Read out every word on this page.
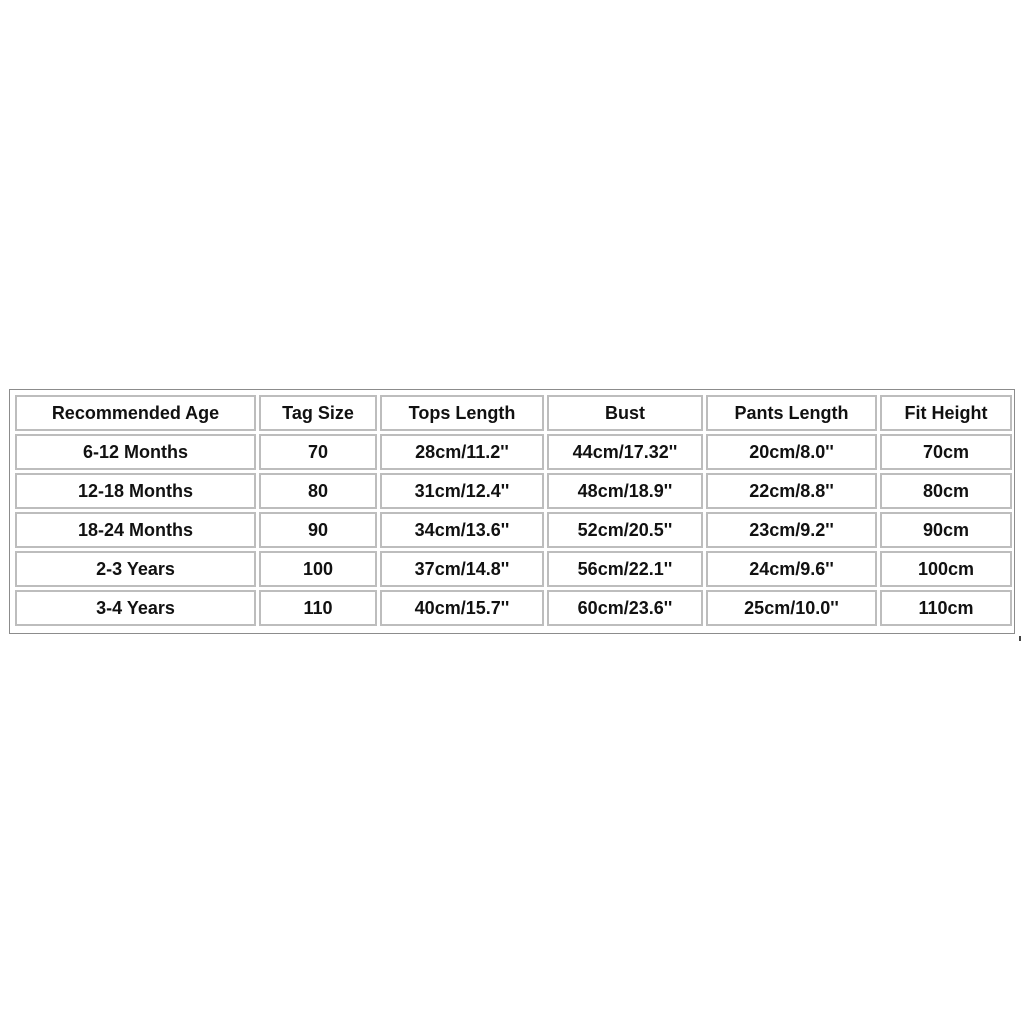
Recommended Age	Tag Size	Tops Length	Bust	Pants Length	Fit Height
6-12 Months	70	28cm/11.2''	44cm/17.32''	20cm/8.0''	70cm
12-18 Months	80	31cm/12.4''	48cm/18.9''	22cm/8.8''	80cm
18-24 Months	90	34cm/13.6''	52cm/20.5''	23cm/9.2''	90cm
2-3 Years	100	37cm/14.8''	56cm/22.1''	24cm/9.6''	100cm
3-4 Years	110	40cm/15.7''	60cm/23.6''	25cm/10.0''	110cm
